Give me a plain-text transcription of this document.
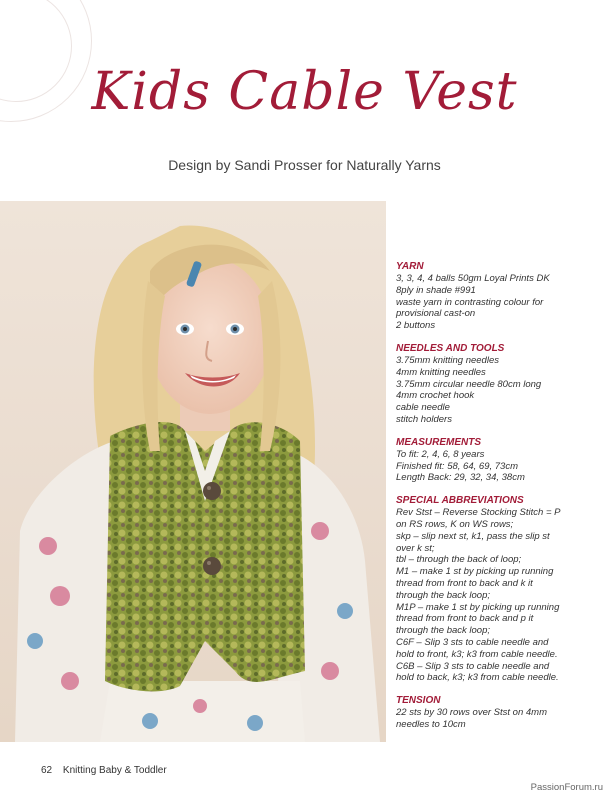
Kids Cable Vest
Design by Sandi Prosser for Naturally Yarns
YARN
3, 3, 4, 4 balls 50gm Loyal Prints DK
8ply in shade #991
waste yarn in contrasting colour for
provisional cast-on
2 buttons
NEEDLES AND TOOLS
3.75mm knitting needles
4mm knitting needles
3.75mm circular needle 80cm long
4mm crochet hook
cable needle
stitch holders
MEASUREMENTS
To fit: 2, 4, 6, 8 years
Finished fit: 58, 64, 69, 73cm
Length Back: 29, 32, 34, 38cm
SPECIAL ABBREVIATIONS
Rev Stst – Reverse Stocking Stitch = P
on RS rows, K on WS rows;
skp – slip next st, k1, pass the slip st
over k st;
tbl – through the back of loop;
M1 – make 1 st by picking up running
thread from front to back and k it
through the back loop;
M1P – make 1 st by picking up running
thread from front to back and p it
through the back loop;
C6F – Slip 3 sts to cable needle and
hold to front, k3; k3 from cable needle.
C6B – Slip 3 sts to cable needle and
hold to back, k3; k3 from cable needle.
TENSION
22 sts by 30 rows over Stst on 4mm
needles to 10cm
62 Knitting Baby & Toddler
PassionForum.ru
